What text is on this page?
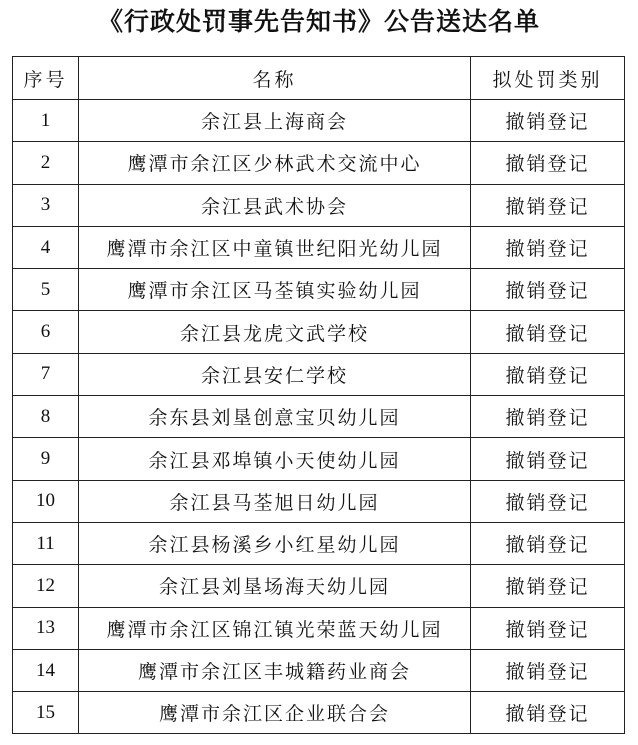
《行政处罚事先告知书》公告送达名单
序号	名称	拟处罚类别
1	余江县上海商会	撤销登记
2	鹰潭市余江区少林武术交流中心	撤销登记
3	余江县武术协会	撤销登记
4	鹰潭市余江区中童镇世纪阳光幼儿园	撤销登记
5	鹰潭市余江区马荃镇实验幼儿园	撤销登记
6	余江县龙虎文武学校	撤销登记
7	余江县安仁学校	撤销登记
8	余东县刘垦创意宝贝幼儿园	撤销登记
9	余江县邓埠镇小天使幼儿园	撤销登记
10	余江县马荃旭日幼儿园	撤销登记
11	余江县杨溪乡小红星幼儿园	撤销登记
12	余江县刘垦场海天幼儿园	撤销登记
13	鹰潭市余江区锦江镇光荣蓝天幼儿园	撤销登记
14	鹰潭市余江区丰城籍药业商会	撤销登记
15	鹰潭市余江区企业联合会	撤销登记
